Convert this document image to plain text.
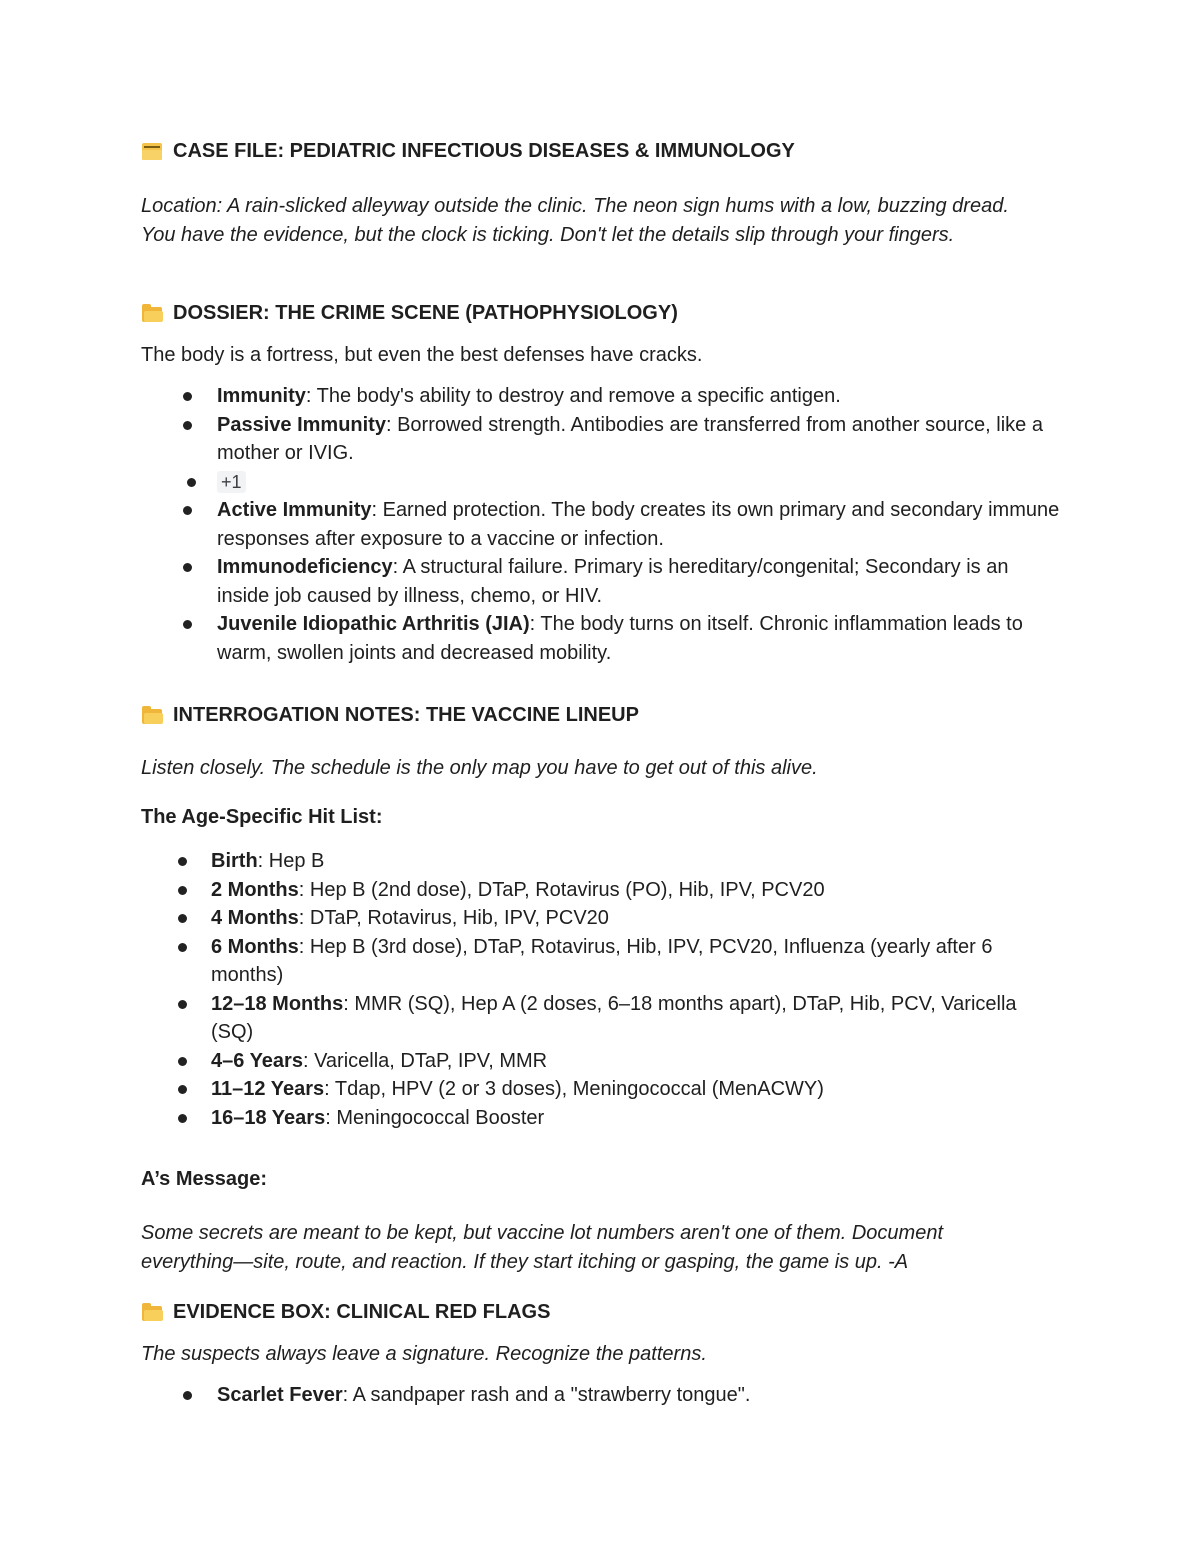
CASE FILE: PEDIATRIC INFECTIOUS DISEASES & IMMUNOLOGY
Location: A rain-slicked alleyway outside the clinic. The neon sign hums with a low, buzzing dread. You have the evidence, but the clock is ticking. Don't let the details slip through your fingers.
DOSSIER: THE CRIME SCENE (PATHOPHYSIOLOGY)
The body is a fortress, but even the best defenses have cracks.
Immunity: The body's ability to destroy and remove a specific antigen.
Passive Immunity: Borrowed strength. Antibodies are transferred from another source, like a mother or IVIG.
+1
Active Immunity: Earned protection. The body creates its own primary and secondary immune responses after exposure to a vaccine or infection.
Immunodeficiency: A structural failure. Primary is hereditary/congenital; Secondary is an inside job caused by illness, chemo, or HIV.
Juvenile Idiopathic Arthritis (JIA): The body turns on itself. Chronic inflammation leads to warm, swollen joints and decreased mobility.
INTERROGATION NOTES: THE VACCINE LINEUP
Listen closely. The schedule is the only map you have to get out of this alive.
The Age-Specific Hit List:
Birth: Hep B
2 Months: Hep B (2nd dose), DTaP, Rotavirus (PO), Hib, IPV, PCV20
4 Months: DTaP, Rotavirus, Hib, IPV, PCV20
6 Months: Hep B (3rd dose), DTaP, Rotavirus, Hib, IPV, PCV20, Influenza (yearly after 6 months)
12–18 Months: MMR (SQ), Hep A (2 doses, 6–18 months apart), DTaP, Hib, PCV, Varicella (SQ)
4–6 Years: Varicella, DTaP, IPV, MMR
11–12 Years: Tdap, HPV (2 or 3 doses), Meningococcal (MenACWY)
16–18 Years: Meningococcal Booster
A’s Message:
Some secrets are meant to be kept, but vaccine lot numbers aren't one of them. Document everything—site, route, and reaction. If they start itching or gasping, the game is up. -A
EVIDENCE BOX: CLINICAL RED FLAGS
The suspects always leave a signature. Recognize the patterns.
Scarlet Fever: A sandpaper rash and a "strawberry tongue".
